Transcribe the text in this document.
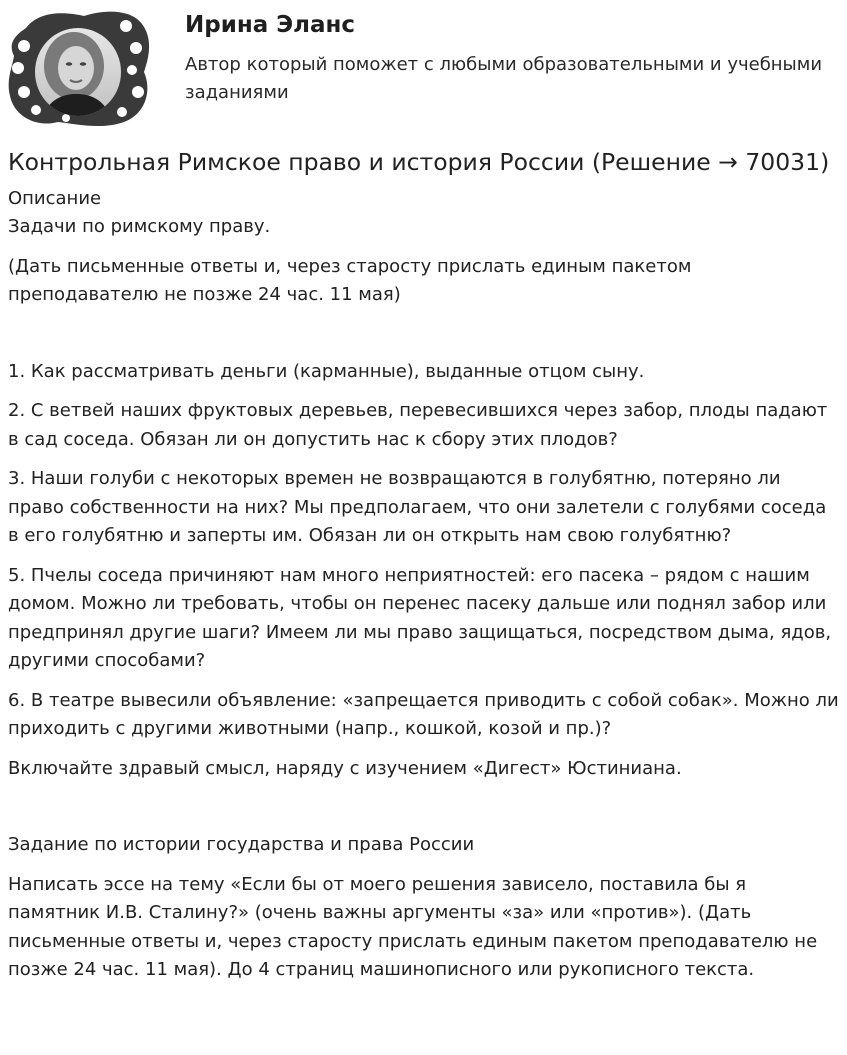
Ирина Эланс

Автор который поможет с любыми образовательными и учебными заданиями

Контрольная Римское право и история России (Решение → 70031)
Описание

Задачи по римскому праву.

(Дать письменные ответы и, через старосту прислать единым пакетом преподавателю не позже 24 час. 11 мая)

1. Как рассматривать деньги (карманные), выданные отцом сыну.

2. С ветвей наших фруктовых деревьев, перевесившихся через забор, плоды падают в сад соседа. Обязан ли он допустить нас к сбору этих плодов?

3. Наши голуби с некоторых времен не возвращаются в голубятню, потеряно ли право собственности на них? Мы предполагаем, что они залетели с голубями соседа в его голубятню и заперты им. Обязан ли он открыть нам свою голубятню?

5. Пчелы соседа причиняют нам много неприятностей: его пасека – рядом с нашим домом. Можно ли требовать, чтобы он перенес пасеку дальше или поднял забор или предпринял другие шаги? Имеем ли мы право защищаться, посредством дыма, ядов, другими способами?

6. В театре вывесили объявление: «запрещается приводить с собой собак». Можно ли приходить с другими животными (напр., кошкой, козой и пр.)?

Включайте здравый смысл, наряду с изучением «Дигест» Юстиниана.

Задание по истории государства и права России

Написать эссе на тему «Если бы от моего решения зависело, поставила бы я памятник И.В. Сталину?» (очень важны аргументы «за» или «против»). (Дать письменные ответы и, через старосту прислать единым пакетом преподавателю не позже 24 час. 11 мая). До 4 страниц машинописного или рукописного текста.
